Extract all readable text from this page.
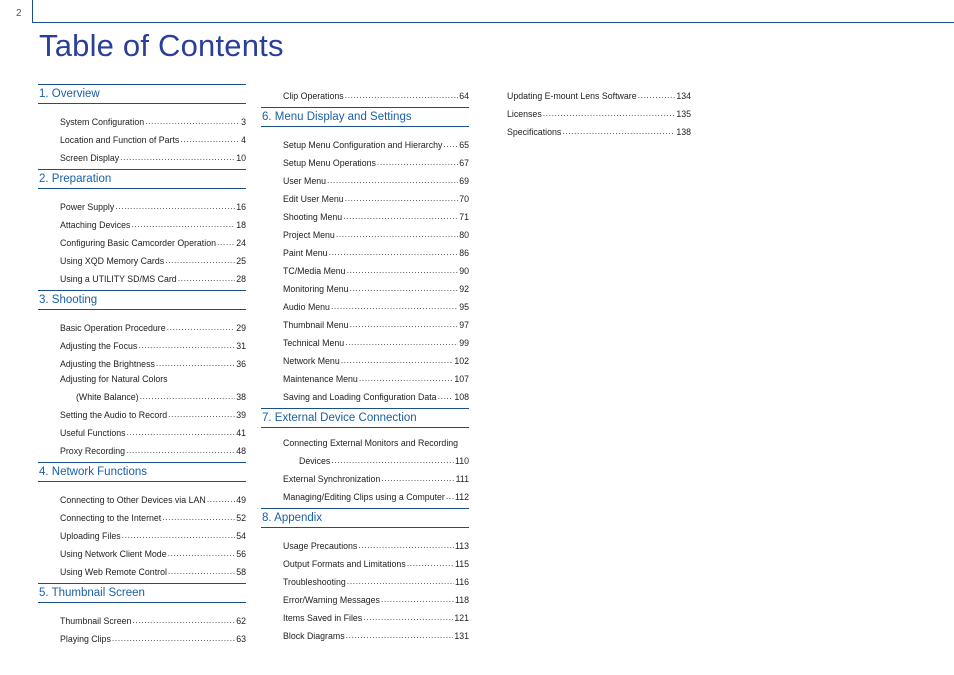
2
Table of Contents
1. Overview
System Configuration .....	3
Location and Function of Parts .....	4
Screen Display .....	10
2. Preparation
Power Supply .....	16
Attaching Devices .....	18
Configuring Basic Camcorder Operation ..... 24
Using XQD Memory Cards .....	25
Using a UTILITY SD/MS Card .....	28
3. Shooting
Basic Operation Procedure .....	29
Adjusting the Focus .....	31
Adjusting the Brightness .....	36
Adjusting for Natural Colors
(White Balance) .....	38
Setting the Audio to Record .....	39
Useful Functions .....	41
Proxy Recording .....	48
4. Network Functions
Connecting to Other Devices via LAN .....	49
Connecting to the Internet .....	52
Uploading Files .....	54
Using Network Client Mode .....	56
Using Web Remote Control .....	58
5. Thumbnail Screen
Thumbnail Screen .....	62
Playing Clips .....	63
Clip Operations .....	64
6. Menu Display and Settings
Setup Menu Configuration and Hierarchy ..... 65
Setup Menu Operations .....	67
User Menu .....	69
Edit User Menu .....	70
Shooting Menu .....	71
Project Menu .....	80
Paint Menu .....	86
TC/Media Menu .....	90
Monitoring Menu .....	92
Audio Menu .....	95
Thumbnail Menu .....	97
Technical Menu .....	99
Network Menu .....	102
Maintenance Menu .....	107
Saving and Loading Configuration Data ..... 108
7. External Device Connection
Connecting External Monitors and Recording
Devices .....	110
External Synchronization .....	111
Managing/Editing Clips using a Computer ..... 112
8. Appendix
Usage Precautions .....	113
Output Formats and Limitations .....	115
Troubleshooting .....	116
Error/Warning Messages .....	118
Items Saved in Files .....	121
Block Diagrams .....	131
Updating E-mount Lens Software .....	134
Licenses .....	135
Specifications .....	138
